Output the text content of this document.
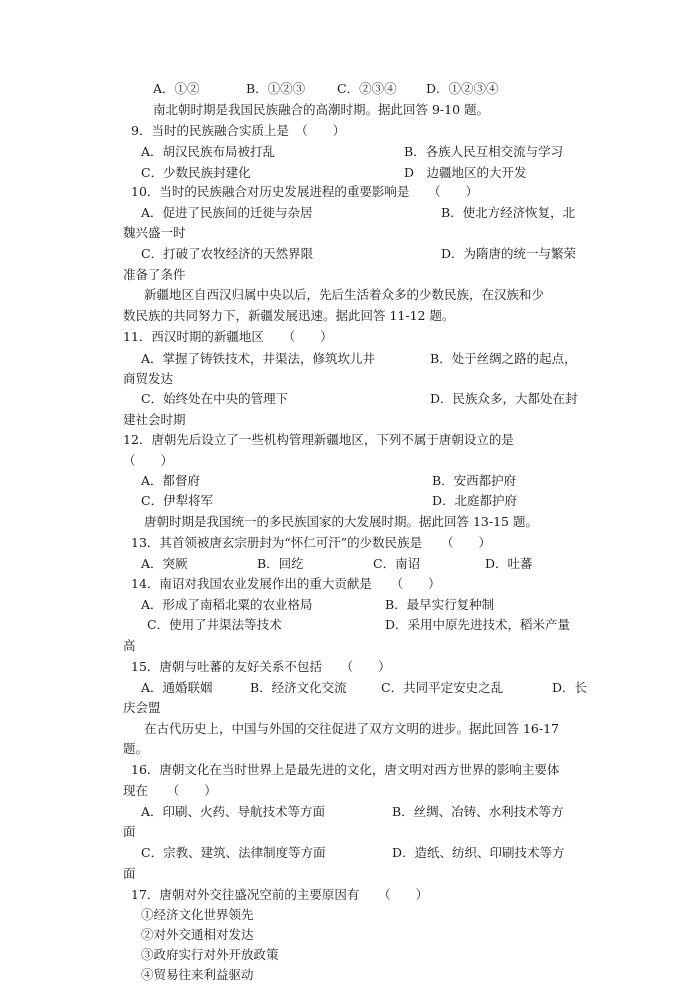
A．①②	B．①②③	C．②③④ D．①②③④
南北朝时期是我国民族融合的高潮时期。据此回答 9-10 题。
9．当时的民族融合实质上是　（　　）
A．胡汉民族布局被打乱	B．各族人民互相交流与学习
C．少数民族封建化	D　边疆地区的大开发
10．当时的民族融合对历史发展进程的重要影响是　　（　　）
A．促进了民族间的迁徙与杂居	B．使北方经济恢复，北
魏兴盛一时
C．打破了农牧经济的天然界限	D．为隋唐的统一与繁荣
准备了条件
新疆地区自西汉归属中央以后，先后生活着众多的少数民族，在汉族和少
数民族的共同努力下，新疆发展迅速。据此回答 11-12 题。
11．西汉时期的新疆地区　　（　　）
A．掌握了铸铁技术，井渠法，修筑坎儿井	B．处于丝绸之路的起点，
商贸发达
C．始终处在中央的管理下	D．民族众多，大都处在封
建社会时期
12．唐朝先后设立了一些机构管理新疆地区，下列不属于唐朝设立的是
（　　）
A．都督府	B．安西都护府
C．伊犁将军	D．北庭都护府
唐朝时期是我国统一的多民族国家的大发展时期。据此回答 13-15 题。
13．其首领被唐玄宗册封为“怀仁可汗”的少数民族是　　（　　）
A．突厥	B．回纥	C．南诏	D．吐蕃
14．南诏对我国农业发展作出的重大贡献是　　（　　）
A．形成了南稻北粟的农业格局	B．最早实行复种制
C．使用了井渠法等技术	D．采用中原先进技术，稻米产量
高
15．唐朝与吐蕃的友好关系不包括　　（　　）
A．通婚联姻	B．经济文化交流	C．共同平定安史之乱	D．长
庆会盟
在古代历史上，中国与外国的交往促进了双方文明的进步。据此回答 16-17
题。
16．唐朝文化在当时世界上是最先进的文化，唐文明对西方世界的影响主要体
现在　　（　　）
A．印刷、火药、导航技术等方面	B．丝绸、冶铸、水利技术等方
面
C．宗教、建筑、法律制度等方面	D．造纸、纺织、印刷技术等方
面
17．唐朝对外交往盛况空前的主要原因有　　（　　）
①经济文化世界领先
②对外交通相对发达
③政府实行对外开放政策
④贸易往来利益驱动
